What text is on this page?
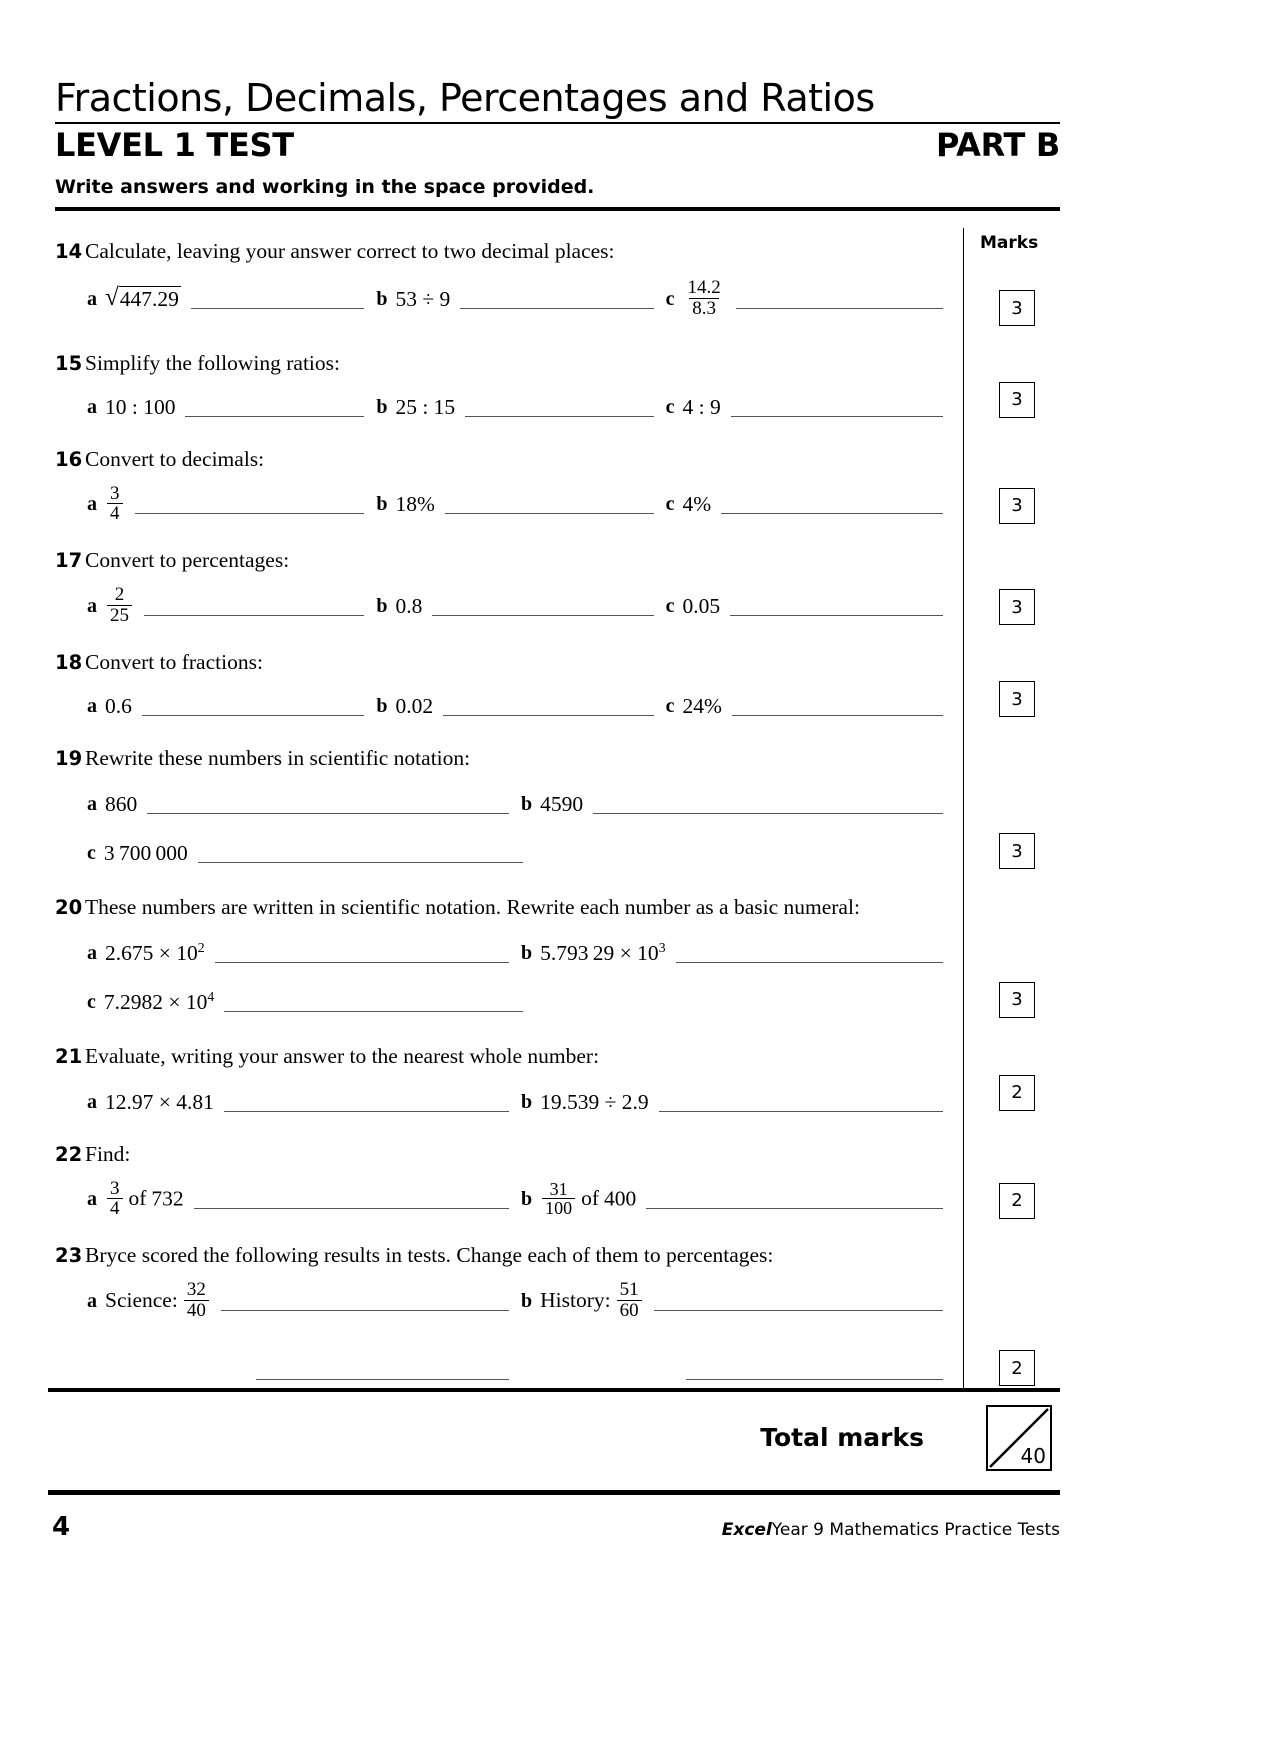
Fractions, Decimals, Percentages and Ratios
LEVEL 1 TEST	PART B
Write answers and working in the space provided.
Marks
14 Calculate, leaving your answer correct to two decimal places:
a √ 447.29	b 53 ÷ 9	c $\frac{14.2}{8.3}$	3
15 Simplify the following ratios:
a 10 : 100	b 25 : 15	c 4 : 9	3
16 Convert to decimals:
a $\frac{3}{4}$	b 18%	c 4%	3
17 Convert to percentages:
a $\frac{2}{25}$	b 0.8	c 0.05	3
18 Convert to fractions:
a 0.6	b 0.02	c 24%	3
19 Rewrite these numbers in scientific notation:
a 860	b 4590
c 3 700 000	3
20 These numbers are written in scientific notation. Rewrite each number as a basic numeral:
a $2.675 \times 10^2$	b 5.793 $29 \times 10^3$
c $7.2982 \times 10^4$	3
21 Evaluate, writing your answer to the nearest whole number:
a 12.97 × 4.81	b 19.539 ÷ 2.9	2
22 Find:
a $\frac{3}{4}$ of 732	b $\frac{31}{100}$ of 400	2
23 Bryce scored the following results in tests. Change each of them to percentages:
a Science: $\frac{32}{40}$	b History: $\frac{51}{60}$

2
Total marks
40
4	ExcelYear 9 Mathematics Practice Tests
